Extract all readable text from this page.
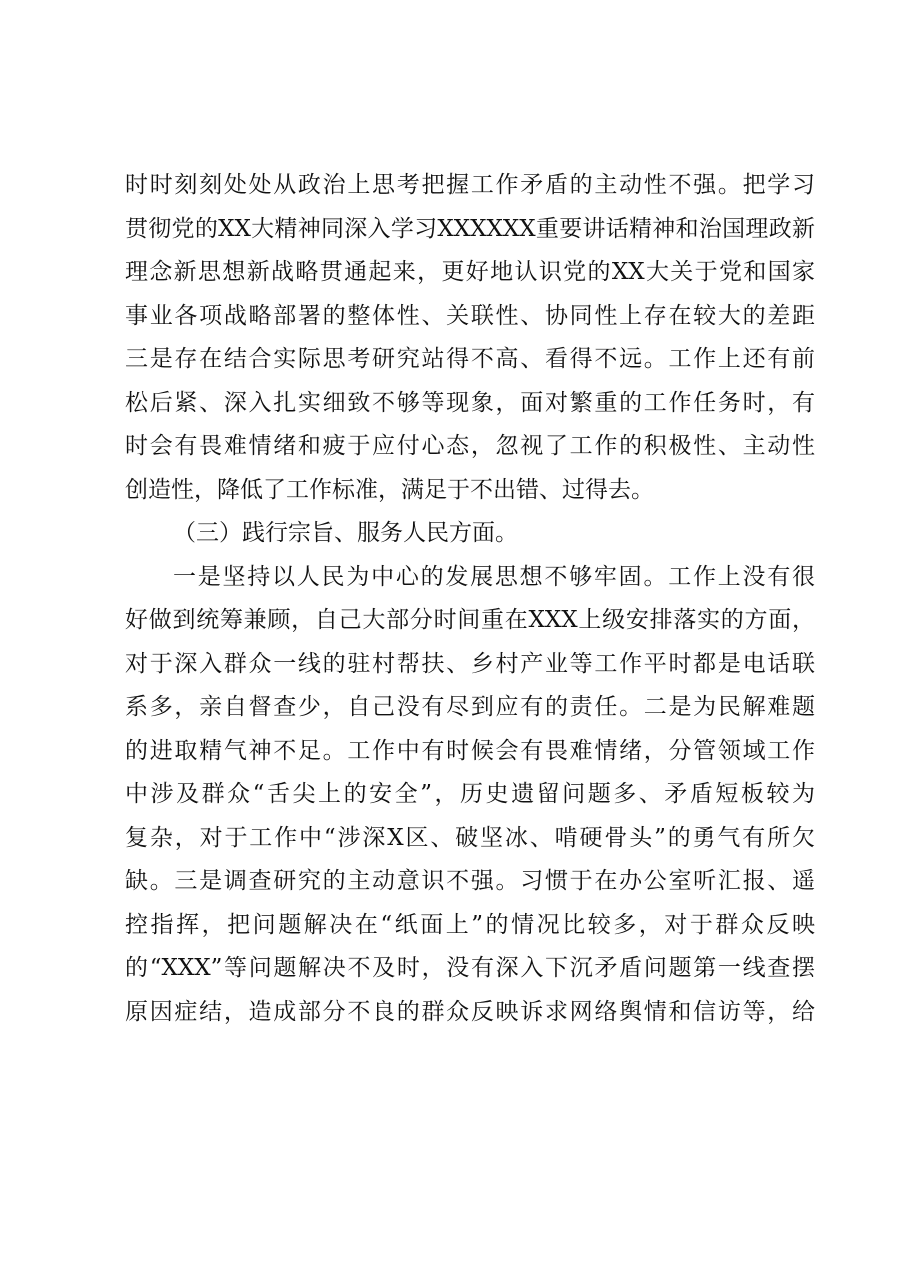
时时刻刻处处从政治上思考把握工作矛盾的主动性不强。把学习
贯彻党的XX大精神同深入学习XXXXXX重要讲话精神和治国理政新
理念新思想新战略贯通起来，更好地认识党的XX大关于党和国家
事业各项战略部署的整体性、关联性、协同性上存在较大的差距
三是存在结合实际思考研究站得不高、看得不远。工作上还有前
松后紧、深入扎实细致不够等现象，面对繁重的工作任务时，有
时会有畏难情绪和疲于应付心态，忽视了工作的积极性、主动性
创造性，降低了工作标准，满足于不出错、过得去。
（三）践行宗旨、服务人民方面。
一是坚持以人民为中心的发展思想不够牢固。工作上没有很
好做到统筹兼顾，自己大部分时间重在XXX上级安排落实的方面，
对于深入群众一线的驻村帮扶、乡村产业等工作平时都是电话联
系多，亲自督查少，自己没有尽到应有的责任。二是为民解难题
的进取精气神不足。工作中有时候会有畏难情绪，分管领域工作
中涉及群众“舌尖上的安全”，历史遗留问题多、矛盾短板较为
复杂，对于工作中“涉深X区、破坚冰、啃硬骨头”的勇气有所欠
缺。三是调查研究的主动意识不强。习惯于在办公室听汇报、遥
控指挥，把问题解决在“纸面上”的情况比较多，对于群众反映
的“XXX”等问题解决不及时，没有深入下沉矛盾问题第一线查摆
原因症结，造成部分不良的群众反映诉求网络舆情和信访等，给
